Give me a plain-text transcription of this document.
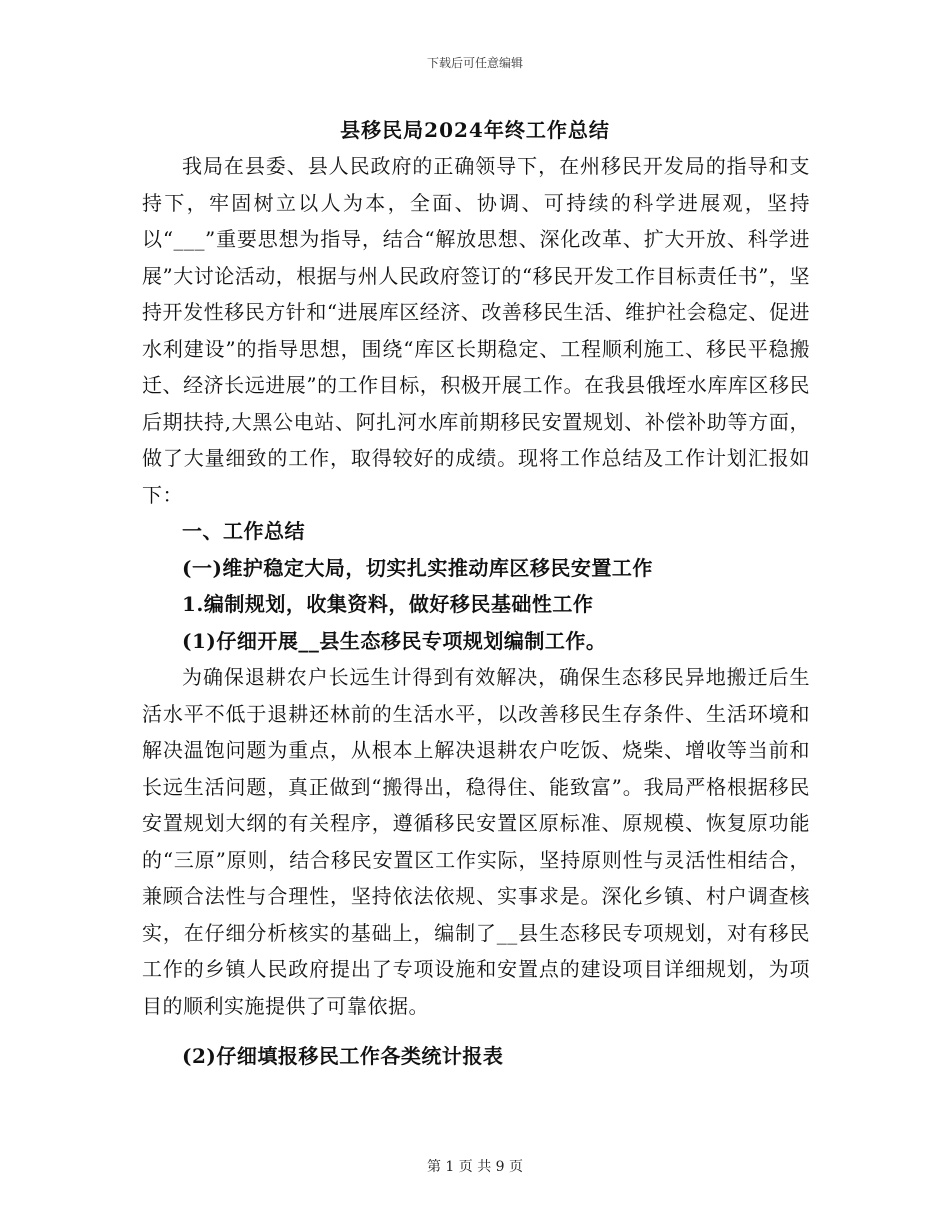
下载后可任意编辑
县移民局2024年终工作总结

我局在县委、县人民政府的正确领导下，在州移民开发局的指导和支持下，牢固树立以人为本，全面、协调、可持续的科学进展观，坚持以“___”重要思想为指导，结合“解放思想、深化改革、扩大开放、科学进展”大讨论活动，根据与州人民政府签订的“移民开发工作目标责任书”，坚持开发性移民方针和“进展库区经济、改善移民生活、维护社会稳定、促进水利建设”的指导思想，围绕“库区长期稳定、工程顺利施工、移民平稳搬迁、经济长远进展”的工作目标，积极开展工作。在我县俄垤水库库区移民后期扶持,大黑公电站、阿扎河水库前期移民安置规划、补偿补助等方面，做了大量细致的工作，取得较好的成绩。现将工作总结及工作计划汇报如下：

一、工作总结

(一)维护稳定大局，切实扎实推动库区移民安置工作

1.编制规划，收集资料，做好移民基础性工作

(1)仔细开展__县生态移民专项规划编制工作。

为确保退耕农户长远生计得到有效解决，确保生态移民异地搬迁后生活水平不低于退耕还林前的生活水平，以改善移民生存条件、生活环境和解决温饱问题为重点，从根本上解决退耕农户吃饭、烧柴、增收等当前和长远生活问题，真正做到“搬得出，稳得住、能致富”。我局严格根据移民安置规划大纲的有关程序，遵循移民安置区原标准、原规模、恢复原功能的“三原”原则，结合移民安置区工作实际，坚持原则性与灵活性相结合，兼顾合法性与合理性，坚持依法依规、实事求是。深化乡镇、村户调查核实，在仔细分析核实的基础上，编制了__县生态移民专项规划，对有移民工作的乡镇人民政府提出了专项设施和安置点的建设项目详细规划，为项目的顺利实施提供了可靠依据。

(2)仔细填报移民工作各类统计报表

第 1 页 共 9 页
